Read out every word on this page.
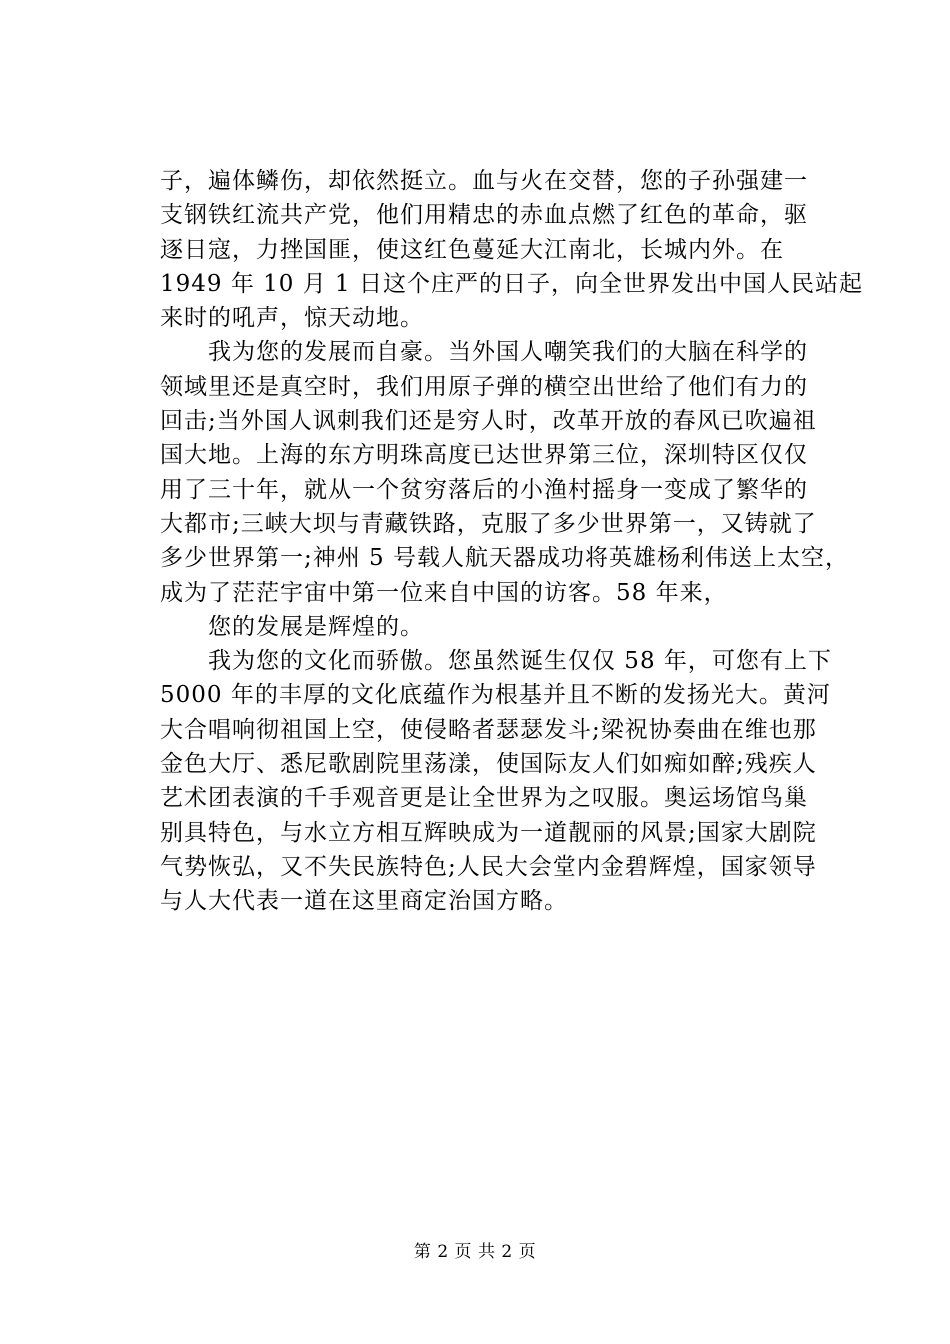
子，遍体鳞伤，却依然挺立。血与火在交替，您的子孙强建一
支钢铁红流共产党，他们用精忠的赤血点燃了红色的革命，驱
逐日寇，力挫国匪，使这红色蔓延大江南北，长城内外。在
1949 年 10 月 1 日这个庄严的日子，向全世界发出中国人民站起
来时的吼声，惊天动地。
我为您的发展而自豪。当外国人嘲笑我们的大脑在科学的
领域里还是真空时，我们用原子弹的横空出世给了他们有力的
回击;当外国人讽刺我们还是穷人时，改革开放的春风已吹遍祖
国大地。上海的东方明珠高度已达世界第三位，深圳特区仅仅
用了三十年，就从一个贫穷落后的小渔村摇身一变成了繁华的
大都市;三峡大坝与青藏铁路，克服了多少世界第一，又铸就了
多少世界第一;神州 5 号载人航天器成功将英雄杨利伟送上太空，
成为了茫茫宇宙中第一位来自中国的访客。58 年来，
您的发展是辉煌的。
我为您的文化而骄傲。您虽然诞生仅仅 58 年，可您有上下
5000 年的丰厚的文化底蕴作为根基并且不断的发扬光大。黄河
大合唱响彻祖国上空，使侵略者瑟瑟发斗;梁祝协奏曲在维也那
金色大厅、悉尼歌剧院里荡漾，使国际友人们如痴如醉;残疾人
艺术团表演的千手观音更是让全世界为之叹服。奥运场馆鸟巢
别具特色，与水立方相互辉映成为一道靓丽的风景;国家大剧院
气势恢弘，又不失民族特色;人民大会堂内金碧辉煌，国家领导
与人大代表一道在这里商定治国方略。
第 2 页 共 2 页
